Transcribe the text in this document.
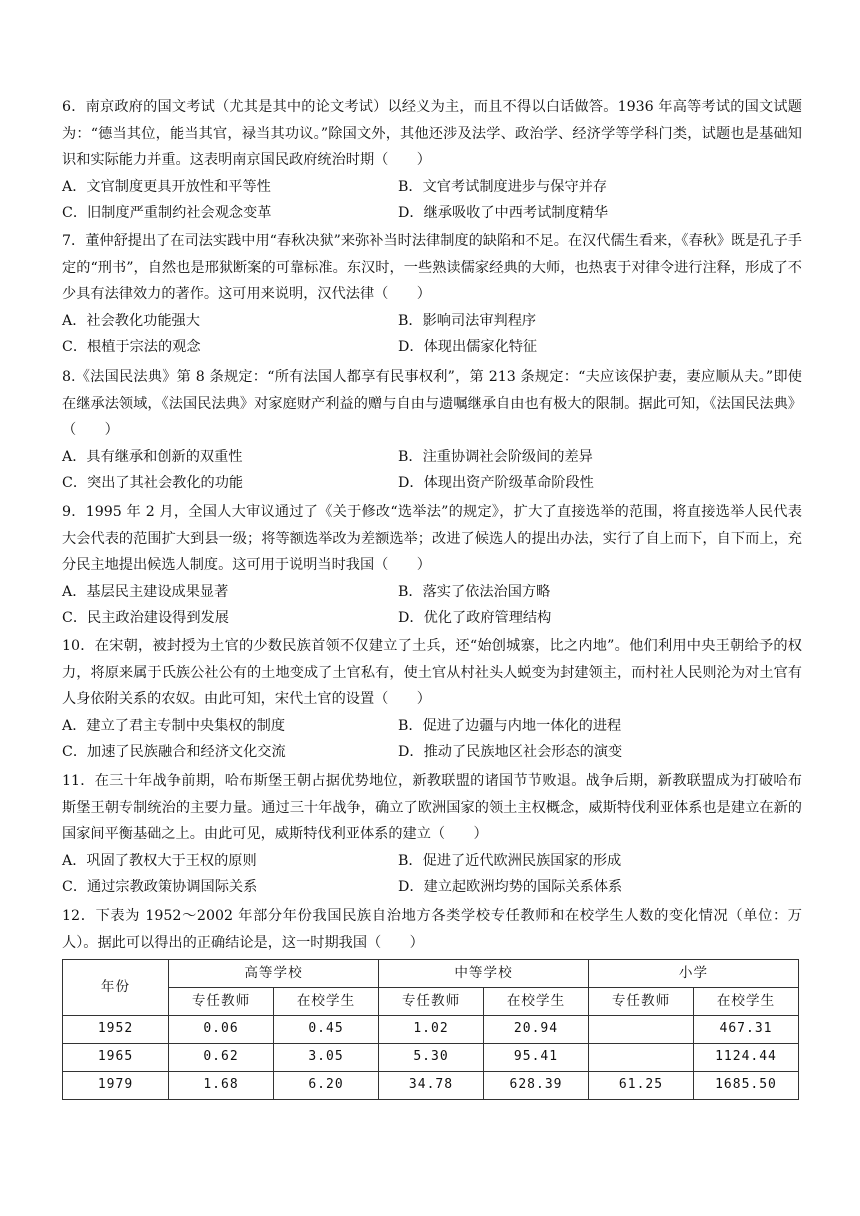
6．南京政府的国文考试（尤其是其中的论文考试）以经义为主，而且不得以白话做答。1936 年高等考试的国文试题为：“德当其位，能当其官，禄当其功议。”除国文外，其他还涉及法学、政治学、经济学等学科门类，试题也是基础知识和实际能力并重。这表明南京国民政府统治时期（　　）

A．文官制度更具开放性和平等性	B．文官考试制度进步与保守并存
C．旧制度严重制约社会观念变革	D．继承吸收了中西考试制度精华

7．董仲舒提出了在司法实践中用“春秋决狱”来弥补当时法律制度的缺陷和不足。在汉代儒生看来，《春秋》既是孔子手定的“刑书”，自然也是邢狱断案的可靠标准。东汉时，一些熟读儒家经典的大师，也热衷于对律令进行注释，形成了不少具有法律效力的著作。这可用来说明，汉代法律（　　）

A．社会教化功能强大	B．影响司法审判程序
C．根植于宗法的观念	D．体现出儒家化特征

8.《法国民法典》第 8 条规定：“所有法国人都享有民事权利”，第 213 条规定：“夫应该保护妻，妻应顺从夫。”即使在继承法领域，《法国民法典》对家庭财产利益的赠与自由与遗嘱继承自由也有极大的限制。据此可知，《法国民法典》（　　）

A．具有继承和创新的双重性	B．注重协调社会阶级间的差异
C．突出了其社会教化的功能	D．体现出资产阶级革命阶段性

9．1995 年 2 月，全国人大审议通过了《关于修改“选举法”的规定》，扩大了直接选举的范围，将直接选举人民代表大会代表的范围扩大到县一级；将等额选举改为差额选举；改进了候选人的提出办法，实行了自上而下，自下而上，充分民主地提出候选人制度。这可用于说明当时我国（　　）

A．基层民主建设成果显著	B．落实了依法治国方略
C．民主政治建设得到发展	D．优化了政府管理结构

10．在宋朝，被封授为土官的少数民族首领不仅建立了土兵，还“始创城寨，比之内地”。他们利用中央王朝给予的权力，将原来属于氏族公社公有的土地变成了土官私有，使土官从村社头人蜕变为封建领主，而村社人民则沦为对土官有人身依附关系的农奴。由此可知，宋代土官的设置（　　）

A．建立了君主专制中央集权的制度	B．促进了边疆与内地一体化的进程
C．加速了民族融合和经济文化交流	D．推动了民族地区社会形态的演变

11．在三十年战争前期，哈布斯堡王朝占据优势地位，新教联盟的诸国节节败退。战争后期，新教联盟成为打破哈布斯堡王朝专制统治的主要力量。通过三十年战争，确立了欧洲国家的领土主权概念，威斯特伐利亚体系也是建立在新的国家间平衡基础之上。由此可见，威斯特伐利亚体系的建立（　　）

A．巩固了教权大于王权的原则	B．促进了近代欧洲民族国家的形成
C．通过宗教政策协调国际关系	D．建立起欧洲均势的国际关系体系

12．下表为 1952～2002 年部分年份我国民族自治地方各类学校专任教师和在校学生人数的变化情况（单位：万人）。据此可以得出的正确结论是，这一时期我国（　　）

年份	高等学校		中等学校		小学	
	专任教师	在校学生	专任教师	在校学生	专任教师	在校学生
1952	0.06	0.45	1.02	20.94		467.31
1965	0.62	3.05	5.30	95.41		1124.44
1979	1.68	6.20	34.78	628.39	61.25	1685.50
